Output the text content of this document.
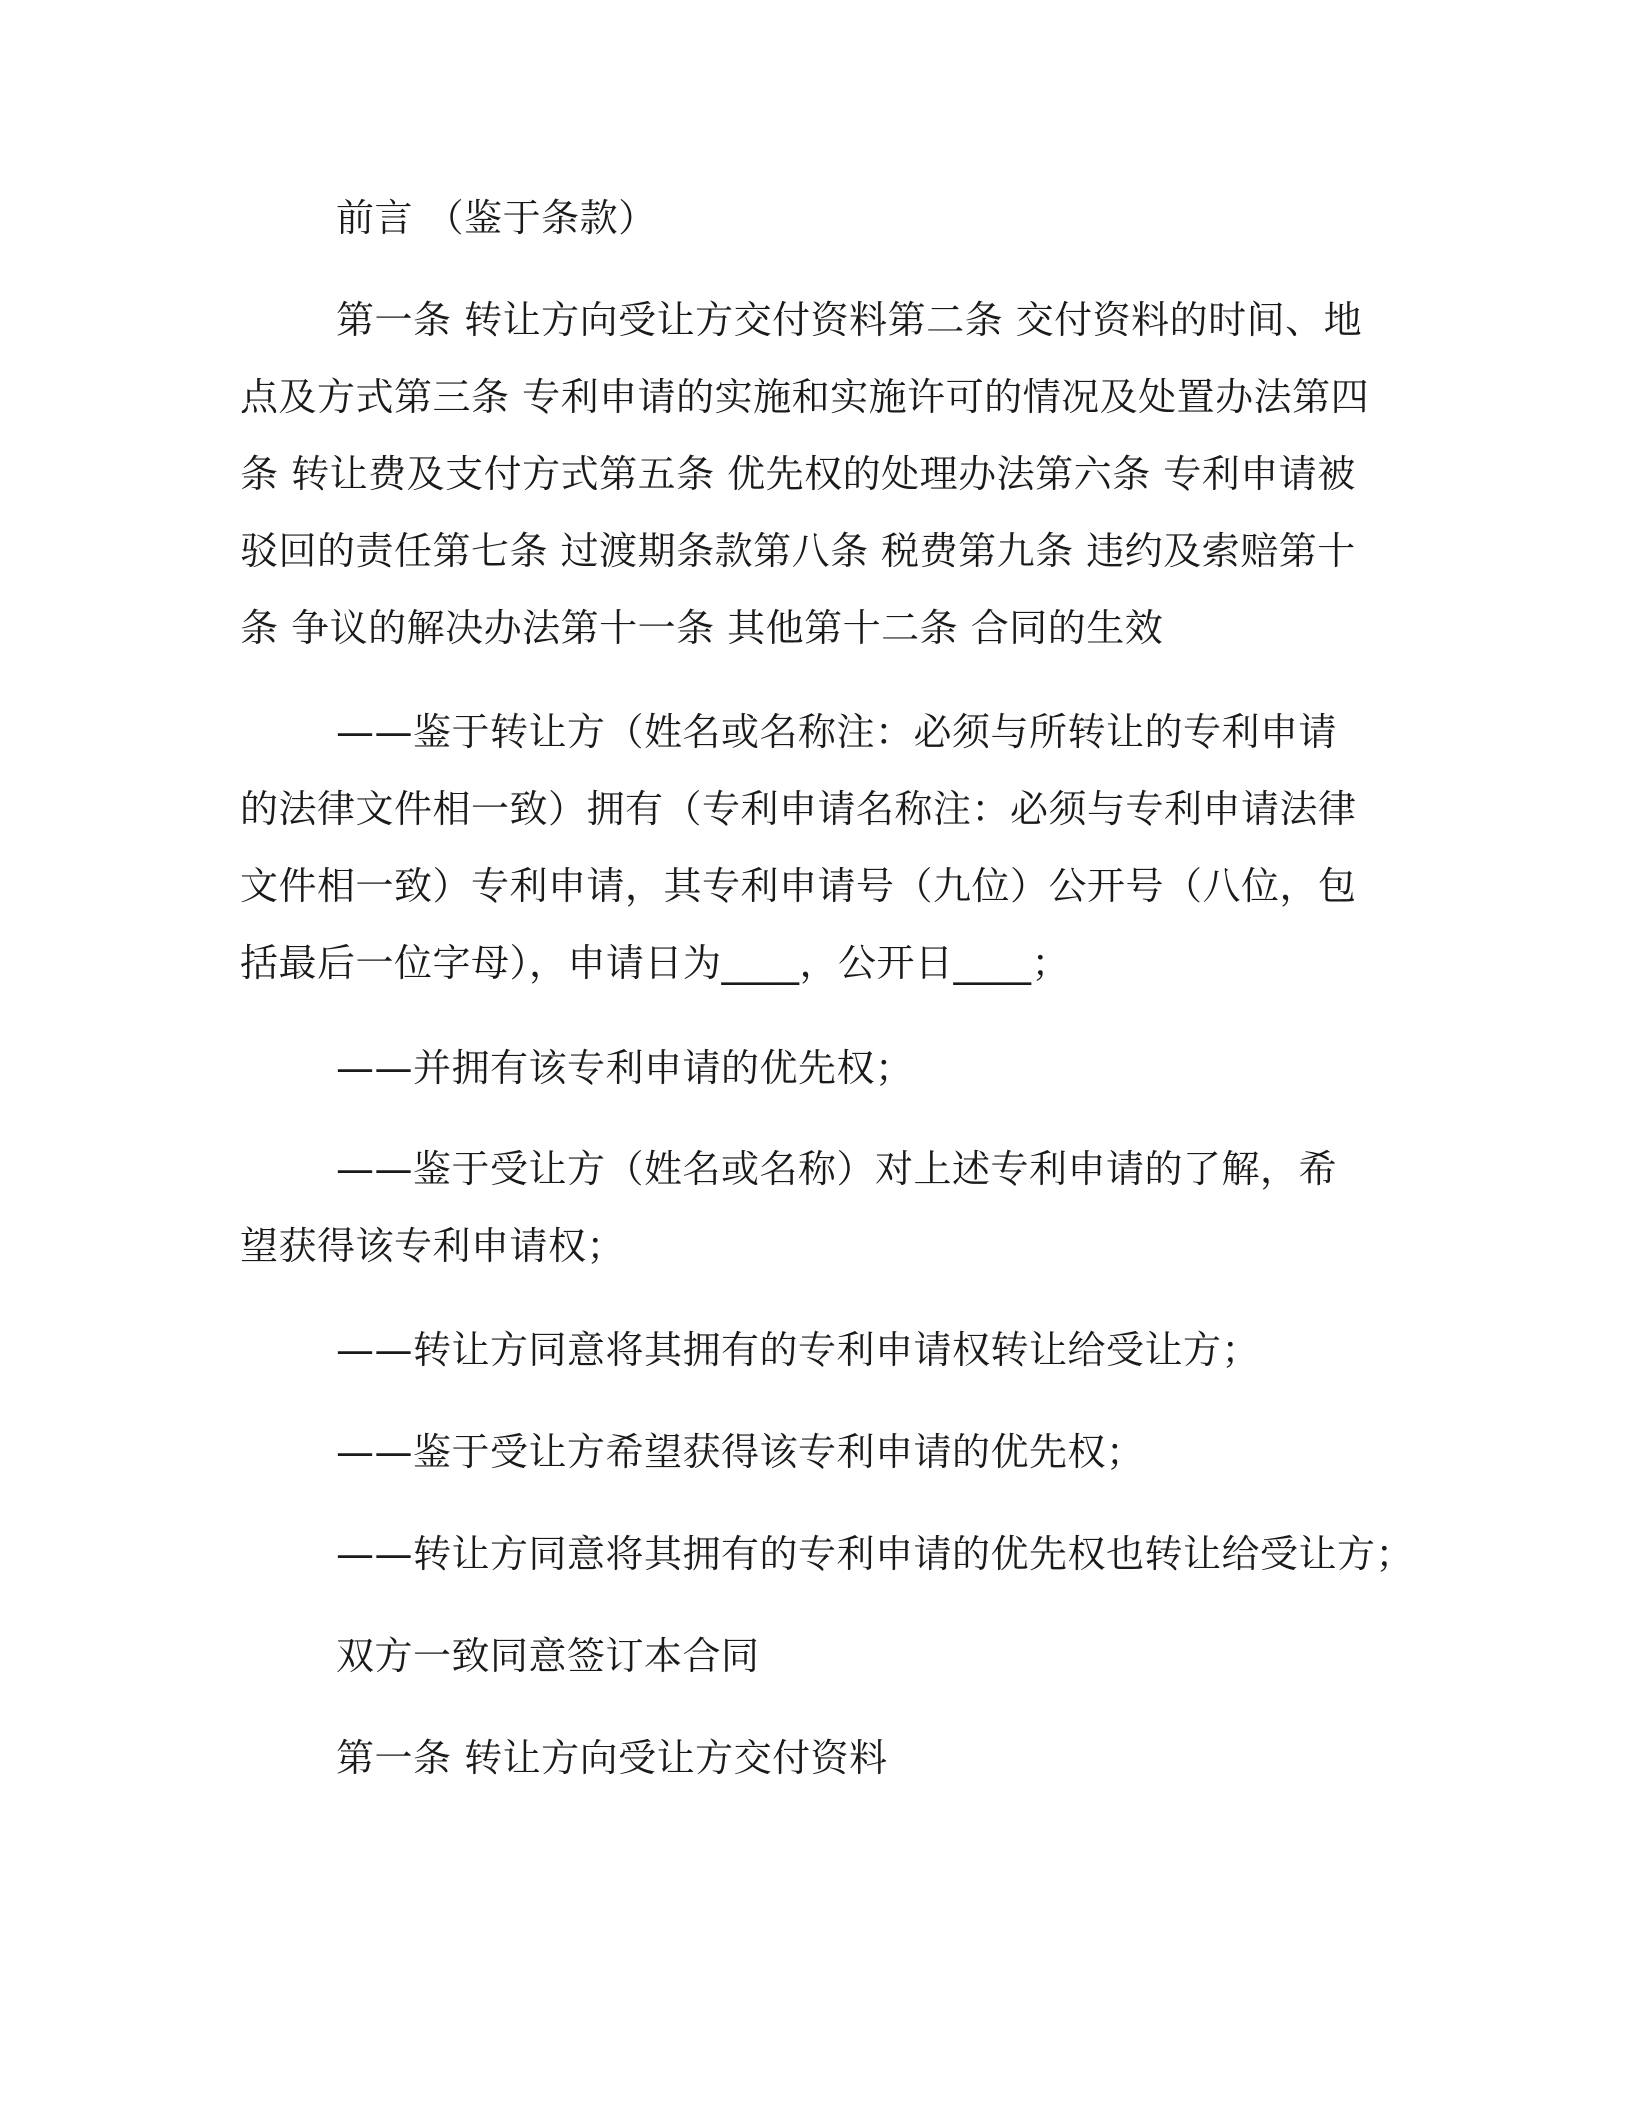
前言 （鉴于条款）

第一条 转让方向受让方交付资料第二条 交付资料的时间、地点及方式第三条 专利申请的实施和实施许可的情况及处置办法第四条 转让费及支付方式第五条 优先权的处理办法第六条 专利申请被驳回的责任第七条 过渡期条款第八条 税费第九条 违约及索赔第十条 争议的解决办法第十一条 其他第十二条 合同的生效

——鉴于转让方（姓名或名称注：必须与所转让的专利申请的法律文件相一致）拥有（专利申请名称注：必须与专利申请法律文件相一致）专利申请，其专利申请号（九位）公开号（八位，包括最后一位字母），申请日为____，公开日____；

——并拥有该专利申请的优先权；

——鉴于受让方（姓名或名称）对上述专利申请的了解，希望获得该专利申请权；

——转让方同意将其拥有的专利申请权转让给受让方；

——鉴于受让方希望获得该专利申请的优先权；

——转让方同意将其拥有的专利申请的优先权也转让给受让方；

双方一致同意签订本合同

第一条 转让方向受让方交付资料
